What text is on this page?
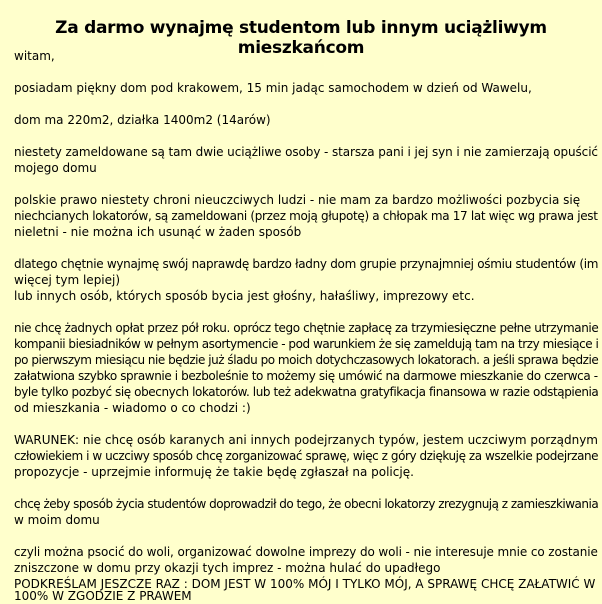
Za darmo wynajmę studentom lub innym uciążliwym mieszkańcom
witam,
posiadam piękny dom pod krakowem, 15 min jadąc samochodem w dzień od Wawelu,
dom ma 220m2, działka 1400m2 (14arów)
niestety zameldowane są tam dwie uciążliwe osoby - starsza pani i jej syn i nie zamierzają opuścić
mojego domu
polskie prawo niestety chroni nieuczciwych ludzi - nie mam za bardzo możliwości pozbycia się
niechcianych lokatorów, są zameldowani (przez moją głupotę) a chłopak ma 17 lat więc wg prawa jest
nieletni - nie można ich usunąć w żaden sposób
dlatego chętnie wynajmę swój naprawdę bardzo ładny dom grupie przynajmniej ośmiu studentów (im
więcej tym lepiej)
lub innych osób, których sposób bycia jest głośny, hałaśliwy, imprezowy etc.
nie chcę żadnych opłat przez pół roku. oprócz tego chętnie zapłacę za trzymiesięczne pełne utrzymanie
kompanii biesiadników w pełnym asortymencie - pod warunkiem że się zameldują tam na trzy miesiące i
po pierwszym miesiącu nie będzie już śladu po moich dotychczasowych lokatorach. a jeśli sprawa będzie
załatwiona szybko sprawnie i bezboleśnie to możemy się umówić na darmowe mieszkanie do czerwca -
byle tylko pozbyć się obecnych lokatorów. lub też adekwatna gratyfikacja finansowa w razie odstąpienia
od mieszkania - wiadomo o co chodzi :)
WARUNEK: nie chcę osób karanych ani innych podejrzanych typów, jestem uczciwym porządnym
człowiekiem i w uczciwy sposób chcę zorganizować sprawę, więc z góry dziękuję za wszelkie podejrzane
propozycje - uprzejmie informuję że takie będę zgłaszał na policję.
chcę żeby sposób życia studentów doprowadził do tego, że obecni lokatorzy zrezygnują z zamieszkiwania
w moim domu
czyli można psocić do woli, organizować dowolne imprezy do woli - nie interesuje mnie co zostanie
zniszczone w domu przy okazji tych imprez - można hulać do upadłego
PODKREŚLAM JESZCZE RAZ : DOM JEST W 100% MÓJ I TYLKO MÓJ, A SPRAWĘ CHCĘ ZAŁATWIĆ W
100% W ZGODZIE Z PRAWEM
